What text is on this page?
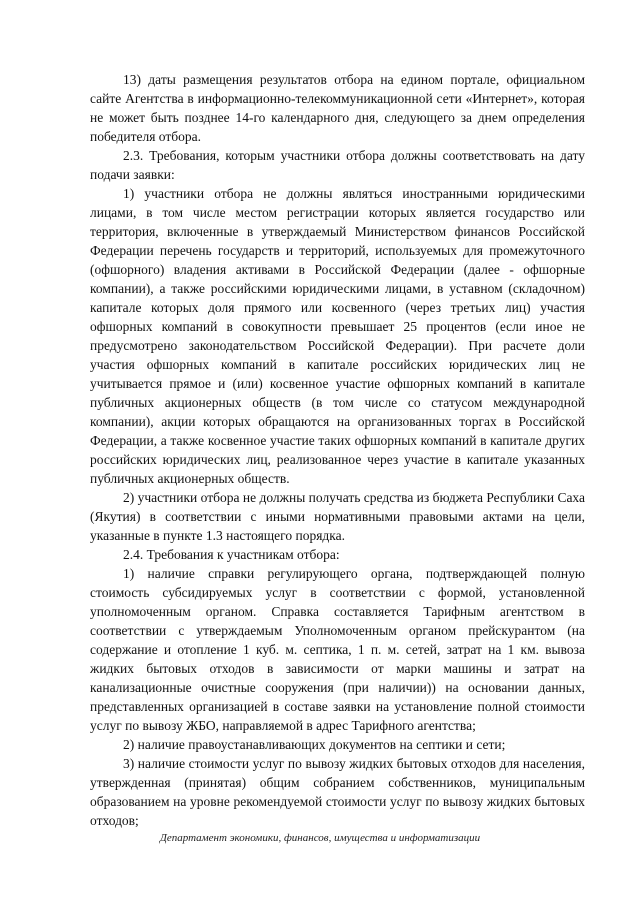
13) даты размещения результатов отбора на едином портале, официальном сайте Агентства в информационно-телекоммуникационной сети «Интернет», которая не может быть позднее 14-го календарного дня, следующего за днем определения победителя отбора.

2.3. Требования, которым участники отбора должны соответствовать на дату подачи заявки:

1) участники отбора не должны являться иностранными юридическими лицами, в том числе местом регистрации которых является государство или территория, включенные в утверждаемый Министерством финансов Российской Федерации перечень государств и территорий, используемых для промежуточного (офшорного) владения активами в Российской Федерации (далее - офшорные компании), а также российскими юридическими лицами, в уставном (складочном) капитале которых доля прямого или косвенного (через третьих лиц) участия офшорных компаний в совокупности превышает 25 процентов (если иное не предусмотрено законодательством Российской Федерации). При расчете доли участия офшорных компаний в капитале российских юридических лиц не учитывается прямое и (или) косвенное участие офшорных компаний в капитале публичных акционерных обществ (в том числе со статусом международной компании), акции которых обращаются на организованных торгах в Российской Федерации, а также косвенное участие таких офшорных компаний в капитале других российских юридических лиц, реализованное через участие в капитале указанных публичных акционерных обществ.

2) участники отбора не должны получать средства из бюджета Республики Саха (Якутия) в соответствии с иными нормативными правовыми актами на цели, указанные в пункте 1.3 настоящего порядка.

2.4. Требования к участникам отбора:

1) наличие справки регулирующего органа, подтверждающей полную стоимость субсидируемых услуг в соответствии с формой, установленной уполномоченным органом. Справка составляется Тарифным агентством в соответствии с утверждаемым Уполномоченным органом прейскурантом (на содержание и отопление 1 куб. м. септика, 1 п. м. сетей, затрат на 1 км. вывоза жидких бытовых отходов в зависимости от марки машины и затрат на канализационные очистные сооружения (при наличии)) на основании данных, представленных организацией в составе заявки на установление полной стоимости услуг по вывозу ЖБО, направляемой в адрес Тарифного агентства;

2) наличие правоустанавливающих документов на септики и сети;

3) наличие стоимости услуг по вывозу жидких бытовых отходов для населения, утвержденная (принятая) общим собранием собственников, муниципальным образованием на уровне рекомендуемой стоимости услуг по вывозу жидких бытовых отходов;

Департамент экономики, финансов, имущества и информатизации
